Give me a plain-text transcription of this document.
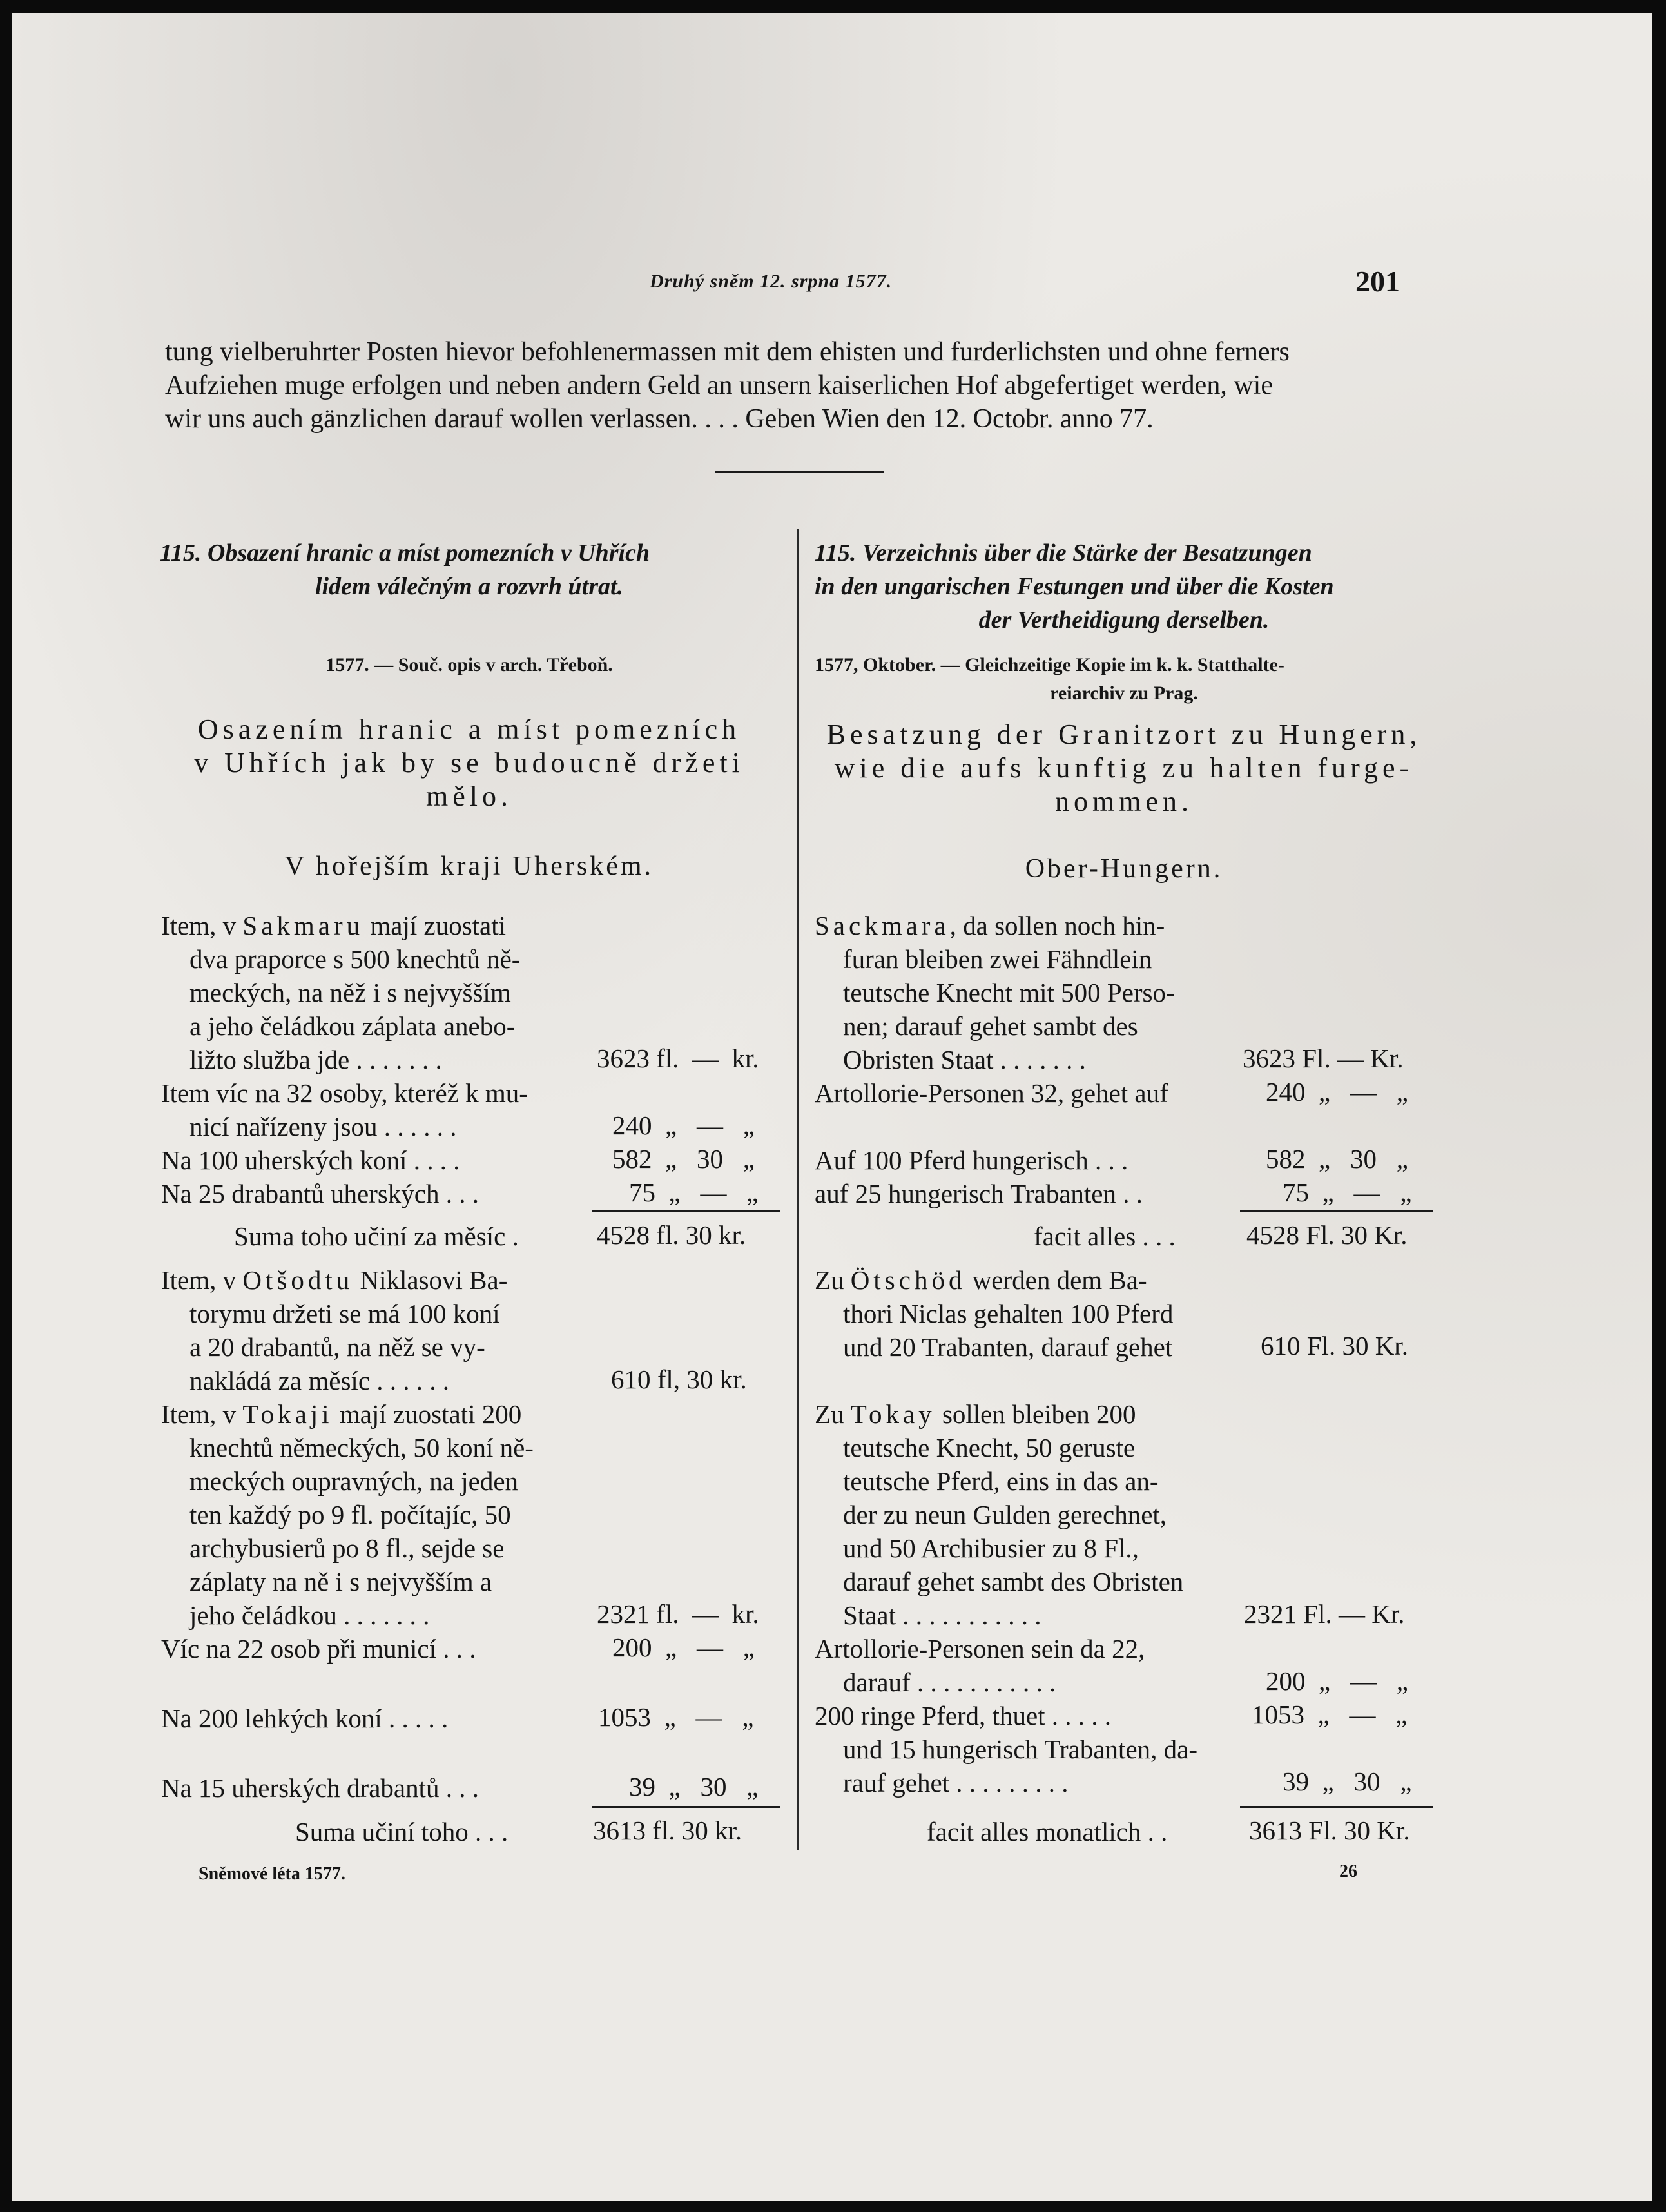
Druhý sněm 12. srpna 1577.	201
tung vielberuhrter Posten hievor befohlenermassen mit dem ehisten und furderlichsten und ohne ferners
Aufziehen muge erfolgen und neben andern Geld an unsern kaiserlichen Hof abgefertiget werden, wie
wir uns auch gänzlichen darauf wollen verlassen. . . . Geben Wien den 12. Octobr. anno 77.
115. Obsazení hranic a míst pomezních v Uhřích
lidem válečným a rozvrh útrat.
1577. — Souč. opis v arch. Třeboň.
Osazením hranic a míst pomezních
v Uhřích jak by se budoucně držeti
mělo.
V hořejším kraji Uherském.
Item, v Sakmaru mají zuostati
dva praporce s 500 knechtů ně-
meckých, na něž i s nejvyšším
a jeho čeládkou záplata anebo-
ližto služba jde . . . . . . .	3623 fl.  —  kr.
Item víc na 32 osoby, kteréž k mu-
nicí nařízeny jsou . . . . . .	240  „   —   „
Na 100 uherských koní . . . .	582  „   30   „
Na 25 drabantů uherských . . .	75  „   —   „
Suma toho učiní za měsíc .	4528 fl. 30 kr.
Item, v Otšodtu Niklasovi Ba-
torymu držeti se má 100 koní
a 20 drabantů, na něž se vy-
nakládá za měsíc . . . . . .	610 fl, 30 kr.
Item, v Tokaji mají zuostati 200
knechtů německých, 50 koní ně-
meckých oupravných, na jeden
ten každý po 9 fl. počítajíc, 50
archybusierů po 8 fl., sejde se
záplaty na ně i s nejvyšším a
jeho čeládkou . . . . . . .	2321 fl.  —  kr.
Víc na 22 osob při municí . . .	200  „   —   „
Na 200 lehkých koní . . . . .	1053  „   —   „
Na 15 uherských drabantů . . .	39  „   30   „
Suma učiní toho . . .	3613 fl. 30 kr.
Sněmové léta 1577.
115. Verzeichnis über die Stärke der Besatzungen
in den ungarischen Festungen und über die Kosten
der Vertheidigung derselben.
1577, Oktober. — Gleichzeitige Kopie im k. k. Statthalte-
reiarchiv zu Prag.
Besatzung der Granitzort zu Hungern,
wie die aufs kunftig zu halten furge-
nommen.
Ober-Hungern.
Sackmara, da sollen noch hin-
furan bleiben zwei Fähndlein
teutsche Knecht mit 500 Perso-
nen; darauf gehet sambt des
Obristen Staat . . . . . . .	3623 Fl. — Kr.
Artollorie-Personen 32, gehet auf	240  „   —   „
Auf 100 Pferd hungerisch . . .	582  „   30   „
auf 25 hungerisch Trabanten . .	75  „   —   „
facit alles . . .	4528 Fl. 30 Kr.
Zu Ötschöd werden dem Ba-
thori Niclas gehalten 100 Pferd
und 20 Trabanten, darauf gehet	610 Fl. 30 Kr.
Zu Tokay sollen bleiben 200
teutsche Knecht, 50 geruste
teutsche Pferd, eins in das an-
der zu neun Gulden gerechnet,
und 50 Archibusier zu 8 Fl.,
darauf gehet sambt des Obristen
Staat . . . . . . . . . . .	2321 Fl. — Kr.
Artollorie-Personen sein da 22,
darauf . . . . . . . . . . .	200  „   —   „
200 ringe Pferd, thuet . . . . .	1053  „   —   „
und 15 hungerisch Trabanten, da-
rauf gehet . . . . . . . . .	39  „   30   „
facit alles monatlich . .	3613 Fl. 30 Kr.
26
